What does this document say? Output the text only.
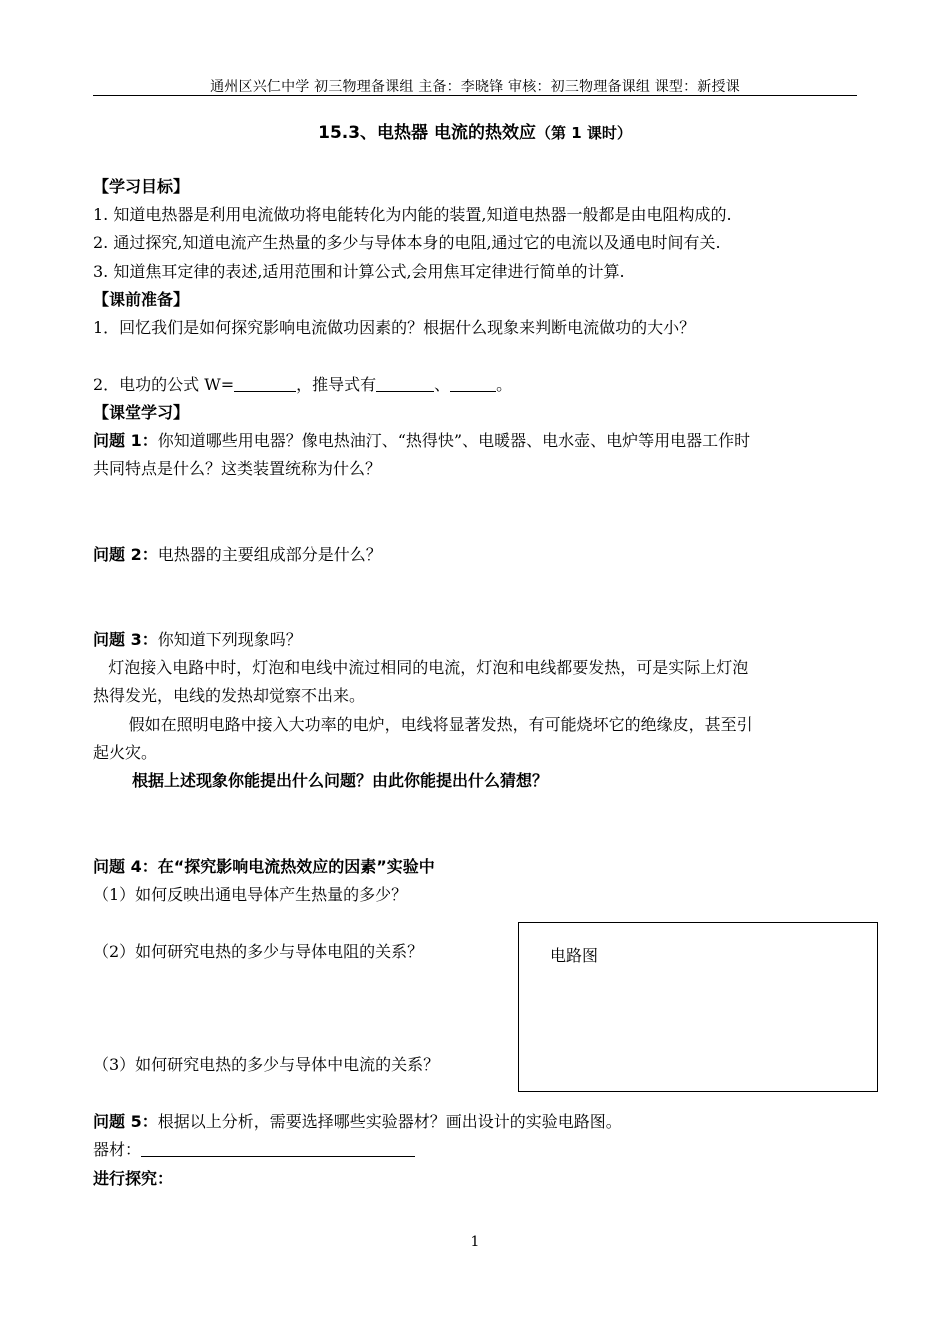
通州区兴仁中学 初三物理备课组 主备：李晓锋 审核：初三物理备课组 课型：新授课
15.3、电热器 电流的热效应（第 1 课时）
【学习目标】
1. 知道电热器是利用电流做功将电能转化为内能的装置,知道电热器一般都是由电阻构成的.
2. 通过探究,知道电流产生热量的多少与导体本身的电阻,通过它的电流以及通电时间有关.
3. 知道焦耳定律的表述,适用范围和计算公式,会用焦耳定律进行简单的计算.
【课前准备】
1．回忆我们是如何探究影响电流做功因素的？根据什么现象来判断电流做功的大小？
2．电功的公式 W=	，推导式有	、	。
【课堂学习】
问题 1：你知道哪些用电器？像电热油汀、“热得快”、电暖器、电水壶、电炉等用电器工作时
共同特点是什么？这类装置统称为什么？
问题 2：电热器的主要组成部分是什么？
问题 3：你知道下列现象吗？
灯泡接入电路中时，灯泡和电线中流过相同的电流，灯泡和电线都要发热，可是实际上灯泡
热得发光，电线的发热却觉察不出来。
假如在照明电路中接入大功率的电炉，电线将显著发热，有可能烧坏它的绝缘皮，甚至引
起火灾。
根据上述现象你能提出什么问题？由此你能提出什么猜想？
问题 4：在“探究影响电流热效应的因素”实验中
（1）如何反映出通电导体产生热量的多少？
（2）如何研究电热的多少与导体电阻的关系？
（3）如何研究电热的多少与导体中电流的关系？
电路图
问题 5：根据以上分析，需要选择哪些实验器材？画出设计的实验电路图。
器材：
进行探究：
1
